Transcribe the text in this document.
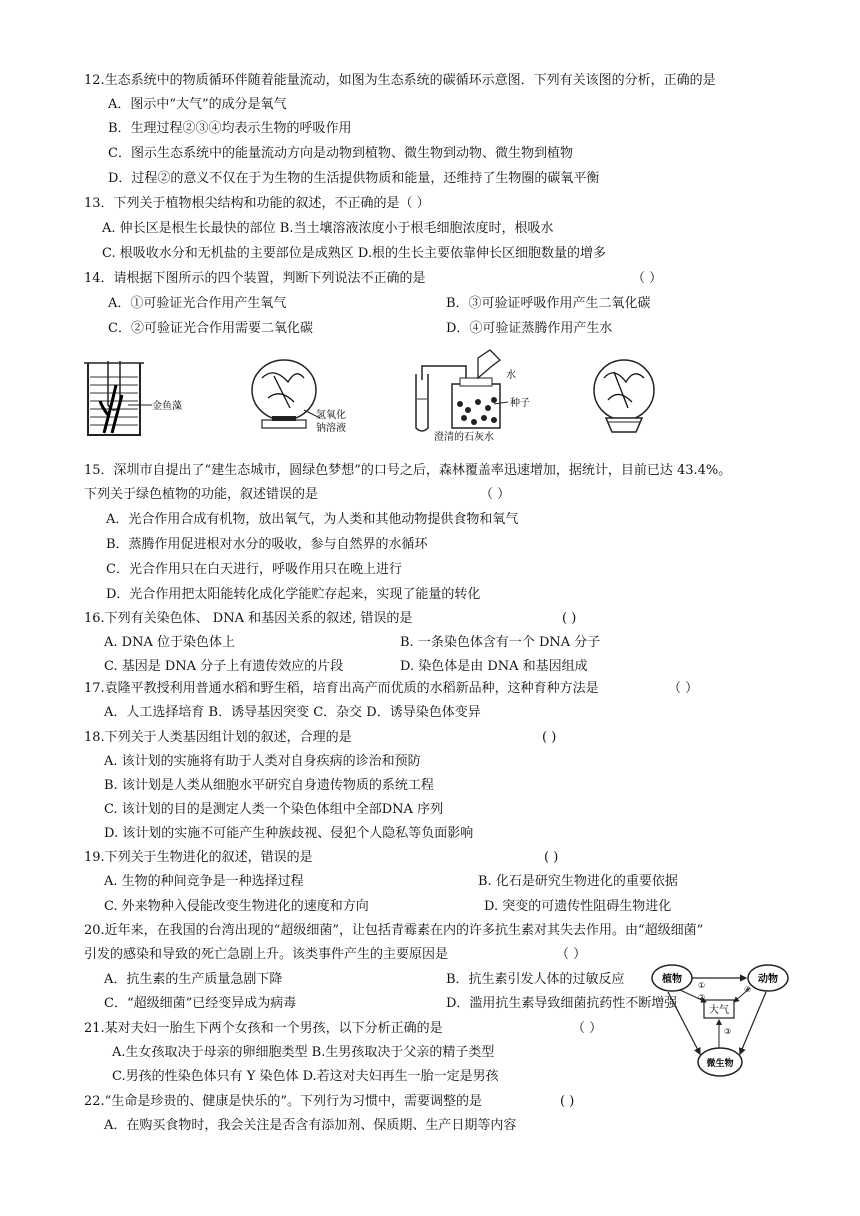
12.生态系统中的物质循环伴随着能量流动，如图为生态系统的碳循环示意图．下列有关该图的分析，正确的是
A．图示中“大气”的成分是氧气
B．生理过程②③④均表示生物的呼吸作用
C．图示生态系统中的能量流动方向是动物到植物、微生物到动物、微生物到植物
D．过程②的意义不仅在于为生物的生活提供物质和能量，还维持了生物圈的碳氧平衡
13．下列关于植物根尖结构和功能的叙述，不正确的是（ ）
A. 伸长区是根生长最快的部位 B.当土壤溶液浓度小于根毛细胞浓度时，根吸水
C. 根吸收水分和无机盐的主要部位是成熟区 D.根的生长主要依靠伸长区细胞数量的增多
14．请根据下图所示的四个装置，判断下列说法不正确的是	（ ）
A．①可验证光合作用产生氧气	B．③可验证呼吸作用产生二氧化碳
C．②可验证光合作用需要二氧化碳	D．④可验证蒸腾作用产生水
金鱼藻
氢氧化
钠溶液
水
种子
澄清的石灰水
15．深圳市自提出了“建生态城市，圆绿色梦想”的口号之后，森林覆盖率迅速增加，据统计，目前已达 43.4%。
下列关于绿色植物的功能，叙述错误的是	（ ）
A．光合作用合成有机物，放出氧气，为人类和其他动物提供食物和氧气
B．蒸腾作用促进根对水分的吸收，参与自然界的水循环
C．光合作用只在白天进行，呼吸作用只在晚上进行
D．光合作用把太阳能转化成化学能贮存起来，实现了能量的转化
16.下列有关染色体、 DNA 和基因关系的叙述, 错误的是	( )
A. DNA 位于染色体上	B. 一条染色体含有一个 DNA 分子
C. 基因是 DNA 分子上有遗传效应的片段	D. 染色体是由 DNA 和基因组成
17.袁隆平教授利用普通水稻和野生稻，培育出高产而优质的水稻新品种，这种育种方法是	（ ）
A．人工选择培育 B．诱导基因突变 C．杂交 D．诱导染色体变异
18.下列关于人类基因组计划的叙述，合理的是	( )
A. 该计划的实施将有助于人类对自身疾病的诊治和预防
B. 该计划是人类从细胞水平研究自身遗传物质的系统工程
C. 该计划的目的是测定人类一个染色体组中全部DNA 序列
D. 该计划的实施不可能产生种族歧视、侵犯个人隐私等负面影响
19.下列关于生物进化的叙述，错误的是	( )
A. 生物的种间竞争是一种选择过程	B. 化石是研究生物进化的重要依据
C. 外来物种入侵能改变生物进化的速度和方向	D. 突变的可遗传性阻碍生物进化
20.近年来，在我国的台湾出现的“超级细菌”，让包括青霉素在内的许多抗生素对其失去作用。由“超级细菌”
引发的感染和导致的死亡急剧上升。该类事件产生的主要原因是	（ ）
A．抗生素的生产质量急剧下降	B．抗生素引发人体的过敏反应
C．“超级细菌”已经变异成为病毒	D．滥用抗生素导致细菌抗药性不断增强
21.某对夫妇一胎生下两个女孩和一个男孩，以下分析正确的是	（ ）
A.生女孩取决于母亲的卵细胞类型 B.生男孩取决于父亲的精子类型
C.男孩的性染色体只有 Y 染色体 D.若这对夫妇再生一胎一定是男孩
22.“生命是珍贵的、健康是快乐的”。下列行为习惯中，需要调整的是	( )
A．在购买食物时，我会关注是否含有添加剂、保质期、生产日期等内容
植物	动物
大气
微生物
①
②
③
④
